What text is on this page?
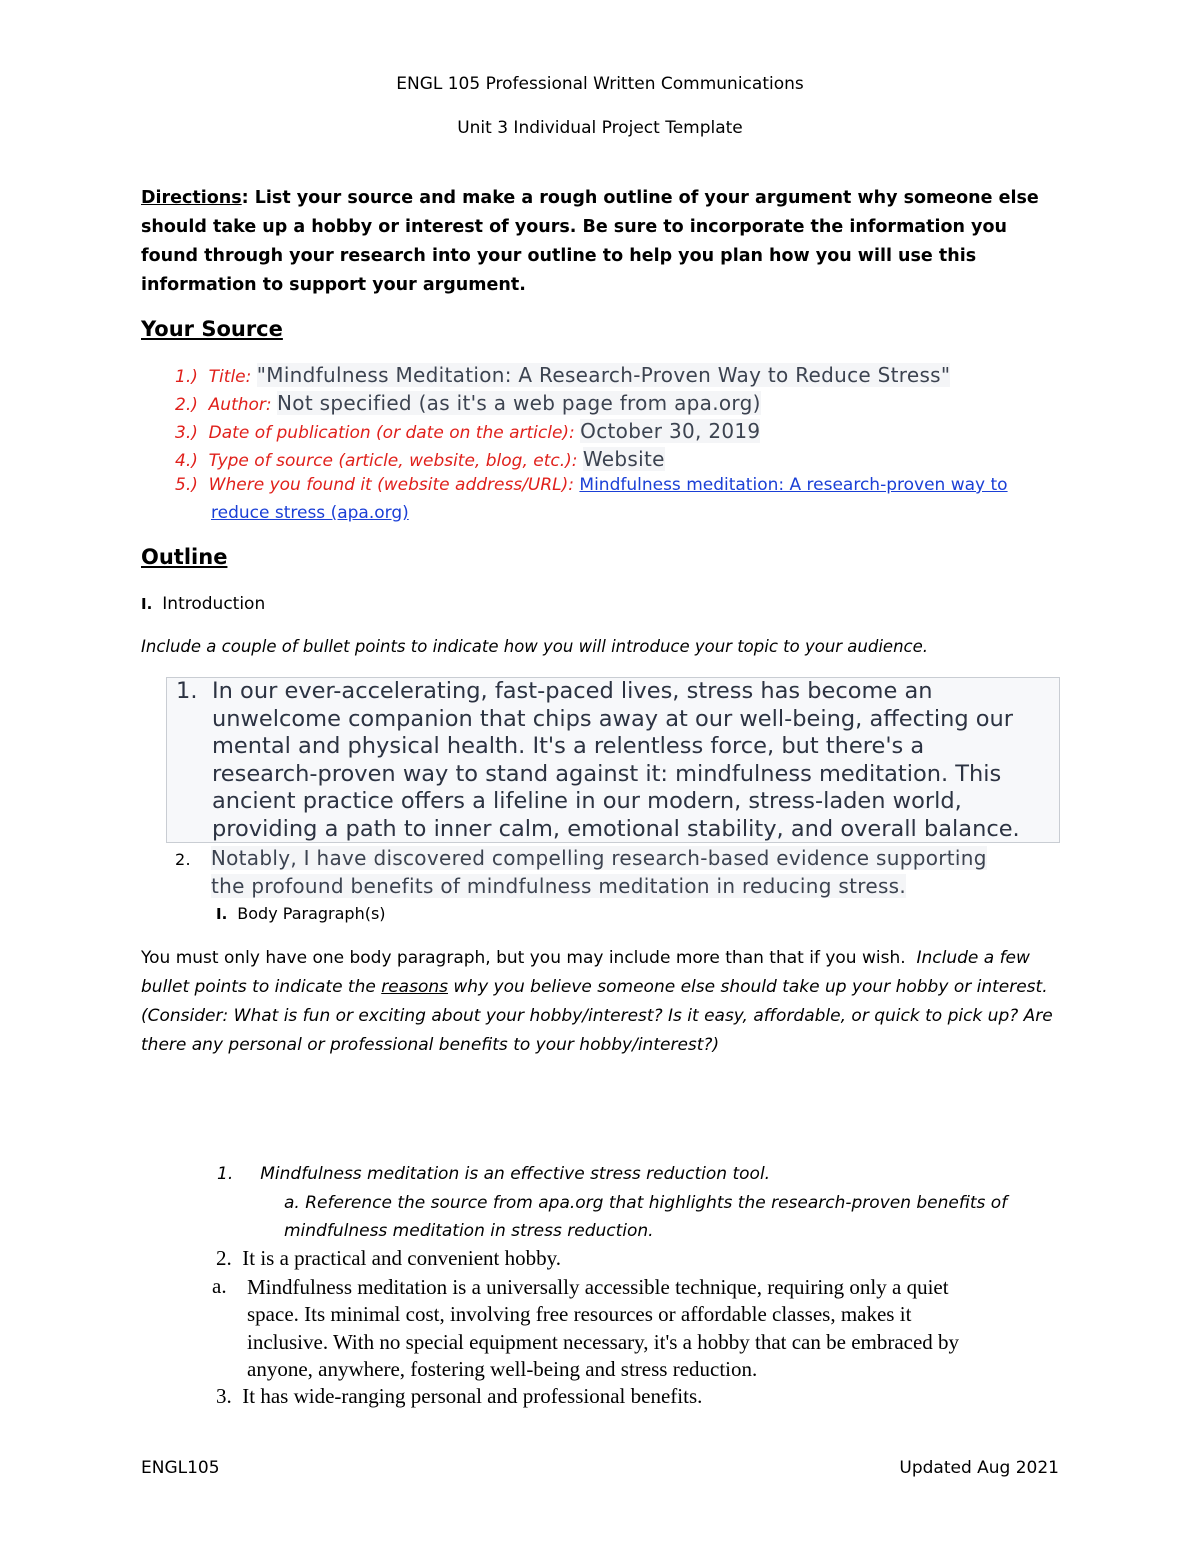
ENGL 105 Professional Written Communications
Unit 3 Individual Project Template
Directions: List your source and make a rough outline of your argument why someone else should take up a hobby or interest of yours. Be sure to incorporate the information you found through your research into your outline to help you plan how you will use this information to support your argument.
Your Source
1.) Title: "Mindfulness Meditation: A Research-Proven Way to Reduce Stress"
2.) Author: Not specified (as it's a web page from apa.org)
3.) Date of publication (or date on the article): October 30, 2019
4.) Type of source (article, website, blog, etc.): Website
5.) Where you found it (website address/URL): Mindfulness meditation: A research-proven way to
reduce stress (apa.org)
Outline
I. Introduction
Include a couple of bullet points to indicate how you will introduce your topic to your audience.
1. In our ever-accelerating, fast-paced lives, stress has become an
unwelcome companion that chips away at our well-being, affecting our
mental and physical health. It's a relentless force, but there's a
research-proven way to stand against it: mindfulness meditation. This
ancient practice offers a lifeline in our modern, stress-laden world,
providing a path to inner calm, emotional stability, and overall balance.
2. Notably, I have discovered compelling research-based evidence supporting
the profound benefits of mindfulness meditation in reducing stress.
I. Body Paragraph(s)
You must only have one body paragraph, but you may include more than that if you wish. Include a few bullet points to indicate the reasons why you believe someone else should take up your hobby or interest. (Consider: What is fun or exciting about your hobby/interest? Is it easy, affordable, or quick to pick up? Are there any personal or professional benefits to your hobby/interest?)
1. Mindfulness meditation is an effective stress reduction tool.
a. Reference the source from apa.org that highlights the research-proven benefits of
mindfulness meditation in stress reduction.
2. It is a practical and convenient hobby.
a. Mindfulness meditation is a universally accessible technique, requiring only a quiet
space. Its minimal cost, involving free resources or affordable classes, makes it
inclusive. With no special equipment necessary, it's a hobby that can be embraced by
anyone, anywhere, fostering well-being and stress reduction.
3. It has wide-ranging personal and professional benefits.
ENGL105	Updated Aug 2021
